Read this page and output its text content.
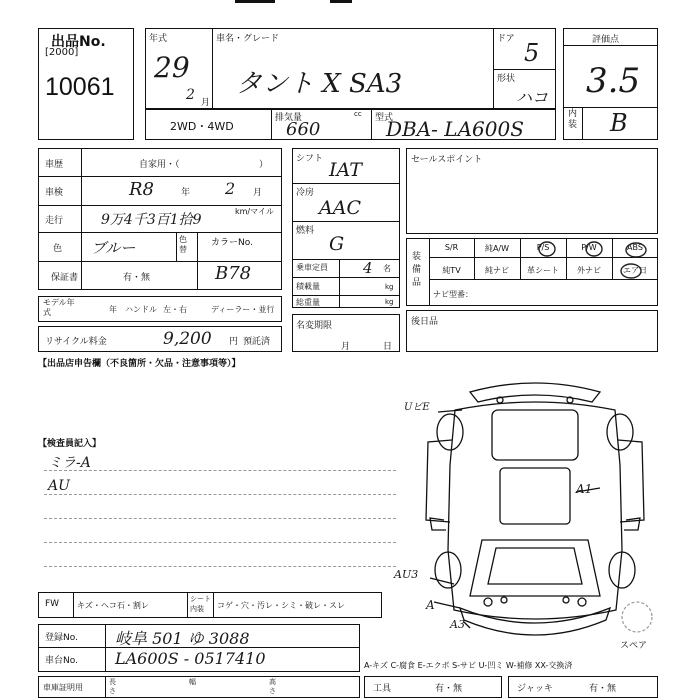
出品No.
[2000]
10061
年式
29
2 月
車名・グレード
タント X SA3
ドア 5
形状
ハコ
評価点
3.5
内装 B
2WD・4WD
排気量	cc
660
型式
DBA- LA600S
車歴	自家用・（	）
車検	R8	年 2 月
走行	9万4千3百1拾9
km/マイル
色 ブルー	色替
カラーNo.
保証書	有・無	B78
モデル年式	年 ハンドル 左・右	ディーラー・並行
リサイクル料金	9,200 円 預託済
シフト IAT
冷房
AAC
燃料
G
乗車定員 4 名
積載量	kg
総重量	kg
名変期限
月	日
セールスポイント
装備品
S/R	純A/W	P/S	P/W	ABS
純TV	純ナビ	革シート	外ナビ	エア日
ナビ型番：
後日品
【出品店申告欄（不良箇所・欠品・注意事項等）】
【検査員記入】
ミラ-A
AU
UビE
A1
AU3
A
A3
スペア
FW キズ・ヘコ石・割レ
シート内装	コゲ・穴・汚レ・シミ・破レ・スレ
登録No. 岐阜 501 ゆ 3088
車台No. LA600S - 0517410	A-キズ C-腐食 E-エクボ S-サビ U-凹ミ W-補修 XX-交換済
車庫証明用
長さ
幅	高さ	工具	有・無	ジャッキ	有・無
